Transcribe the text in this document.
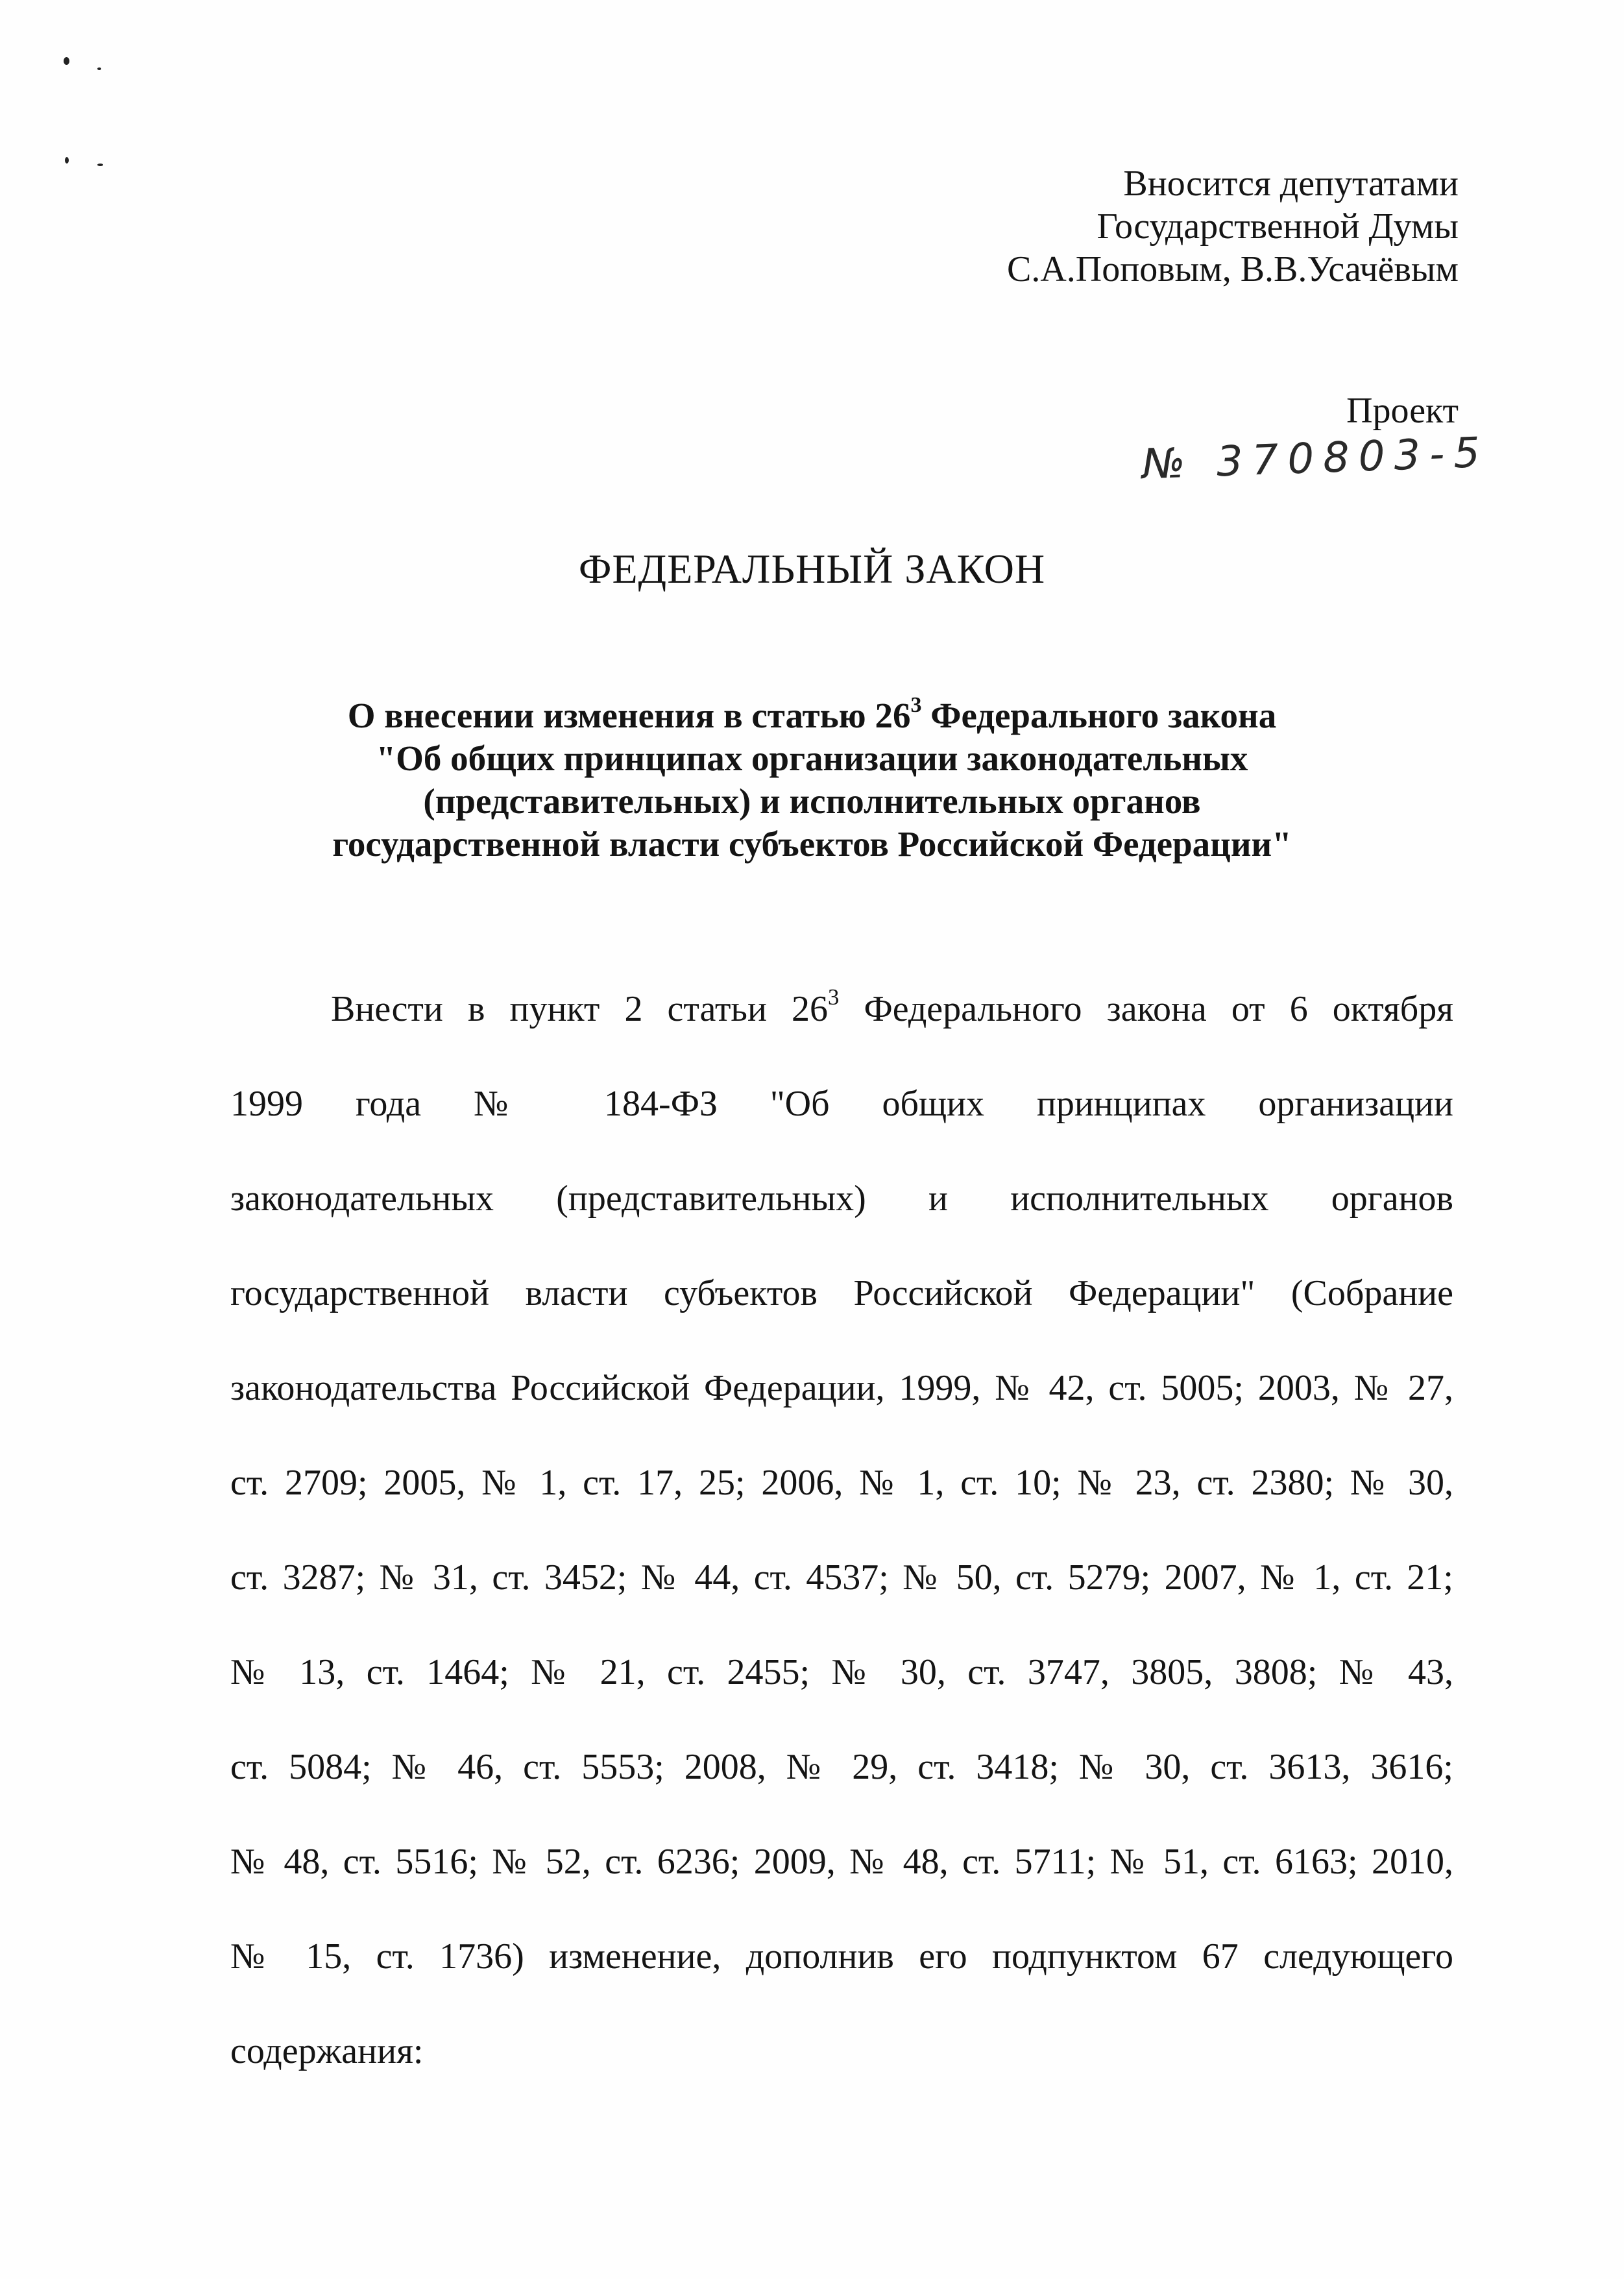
Вносится депутатами
Государственной Думы
С.А.Поповым, В.В.Усачёвым
Проект
№ 370803-5
ФЕДЕРАЛЬНЫЙ ЗАКОН
О внесении изменения в статью $26^3$ Федерального закона
"Об общих принципах организации законодательных
(представительных) и исполнительных органов
государственной власти субъектов Российской Федерации"
Внести в пункт 2 статьи $26^3$ Федерального закона от 6 октября
1999 года № 184-ФЗ "Об общих принципах организации
законодательных (представительных) и исполнительных органов
государственной власти субъектов Российской Федерации" (Собрание
законодательства Российской Федерации, 1999, № 42, ст. 5005; 2003, № 27,
ст. 2709; 2005, № 1, ст. 17, 25; 2006, № 1, ст. 10; № 23, ст. 2380; № 30,
ст. 3287; № 31, ст. 3452; № 44, ст. 4537; № 50, ст. 5279; 2007, № 1, ст. 21;
№ 13, ст. 1464; № 21, ст. 2455; № 30, ст. 3747, 3805, 3808; № 43,
ст. 5084; № 46, ст. 5553; 2008, № 29, ст. 3418; № 30, ст. 3613, 3616;
№ 48, ст. 5516; № 52, ст. 6236; 2009, № 48, ст. 5711; № 51, ст. 6163; 2010,
№ 15, ст. 1736) изменение, дополнив его подпунктом 67 следующего
содержания:
